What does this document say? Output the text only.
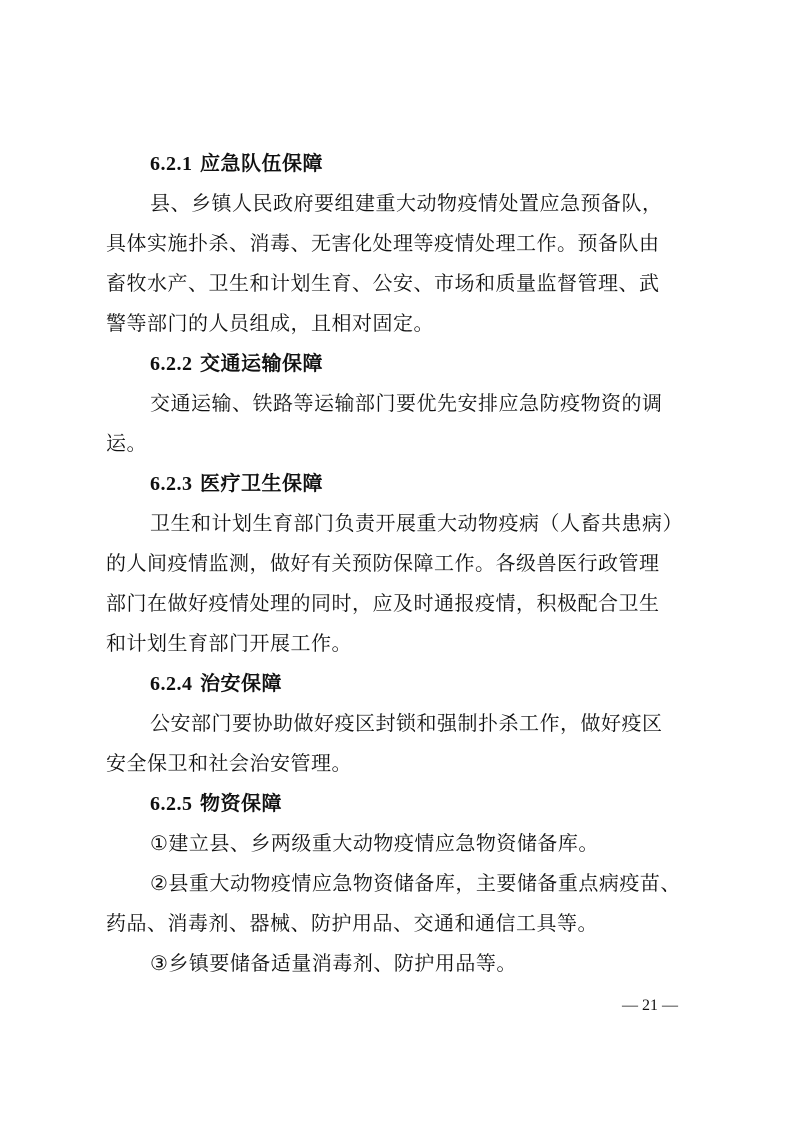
6.2.1 应急队伍保障
县、乡镇人民政府要组建重大动物疫情处置应急预备队，
具体实施扑杀、消毒、无害化处理等疫情处理工作。预备队由
畜牧水产、卫生和计划生育、公安、市场和质量监督管理、武
警等部门的人员组成，且相对固定。
6.2.2 交通运输保障
交通运输、铁路等运输部门要优先安排应急防疫物资的调
运。
6.2.3 医疗卫生保障
卫生和计划生育部门负责开展重大动物疫病（人畜共患病）
的人间疫情监测，做好有关预防保障工作。各级兽医行政管理
部门在做好疫情处理的同时，应及时通报疫情，积极配合卫生
和计划生育部门开展工作。
6.2.4 治安保障
公安部门要协助做好疫区封锁和强制扑杀工作，做好疫区
安全保卫和社会治安管理。
6.2.5 物资保障
①建立县、乡两级重大动物疫情应急物资储备库。
②县重大动物疫情应急物资储备库，主要储备重点病疫苗、
药品、消毒剂、器械、防护用品、交通和通信工具等。
③乡镇要储备适量消毒剂、防护用品等。
— 21 —
